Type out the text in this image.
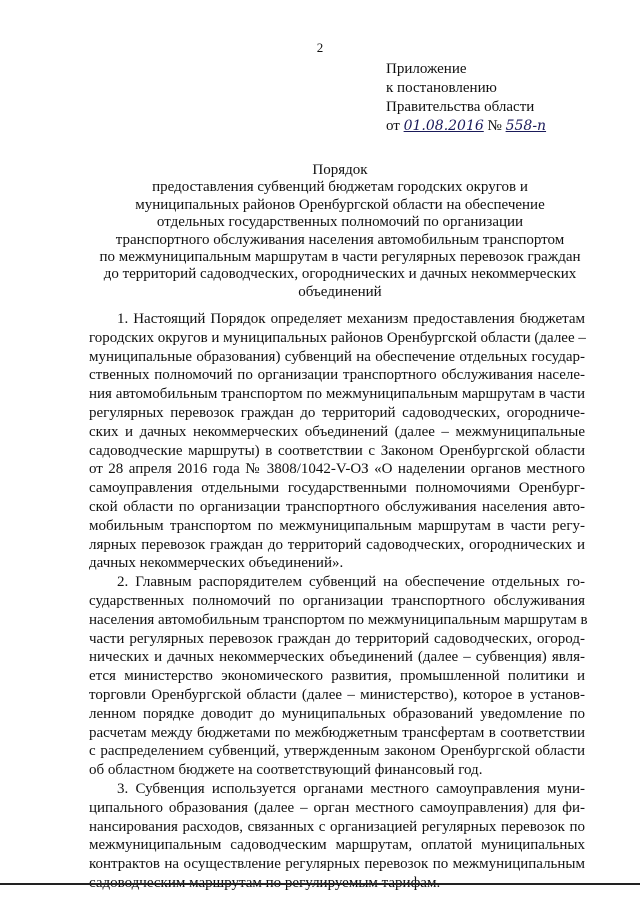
2
Приложение
к постановлению
Правительства области
от 01.08.2016 № 558-п
Порядок
предоставления субвенций бюджетам городских округов и
муниципальных районов Оренбургской области на обеспечение
отдельных государственных полномочий по организации
транспортного обслуживания населения автомобильным транспортом
по межмуниципальным маршрутам в части регулярных перевозок граждан
до территорий садоводческих, огороднических и дачных некоммерческих
объединений
1. Настоящий Порядок определяет механизм предоставления бюджетам
городских округов и муниципальных районов Оренбургской области (далее –
муниципальные образования) субвенций на обеспечение отдельных государ-
ственных полномочий по организации транспортного обслуживания населе-
ния автомобильным транспортом по межмуниципальным маршрутам в части
регулярных перевозок граждан до территорий садоводческих, огородниче-
ских и дачных некоммерческих объединений (далее – межмуниципальные
садоводческие маршруты) в соответствии с Законом Оренбургской области
от 28 апреля 2016 года № 3808/1042-V-ОЗ «О наделении органов местного
самоуправления отдельными государственными полномочиями Оренбург-
ской области по организации транспортного обслуживания населения авто-
мобильным транспортом по межмуниципальным маршрутам в части регу-
лярных перевозок граждан до территорий садоводческих, огороднических и
дачных некоммерческих объединений».
2. Главным распорядителем субвенций на обеспечение отдельных го-
сударственных полномочий по организации транспортного обслуживания
населения автомобильным транспортом по межмуниципальным маршрутам в
части регулярных перевозок граждан до территорий садоводческих, огород-
нических и дачных некоммерческих объединений (далее – субвенция) явля-
ется министерство экономического развития, промышленной политики и
торговли Оренбургской области (далее – министерство), которое в установ-
ленном порядке доводит до муниципальных образований уведомление по
расчетам между бюджетами по межбюджетным трансфертам в соответствии
с распределением субвенций, утвержденным законом Оренбургской области
об областном бюджете на соответствующий финансовый год.
3. Субвенция используется органами местного самоуправления муни-
ципального образования (далее – орган местного самоуправления) для фи-
нансирования расходов, связанных с организацией регулярных перевозок по
межмуниципальным садоводческим маршрутам, оплатой муниципальных
контрактов на осуществление регулярных перевозок по межмуниципальным
